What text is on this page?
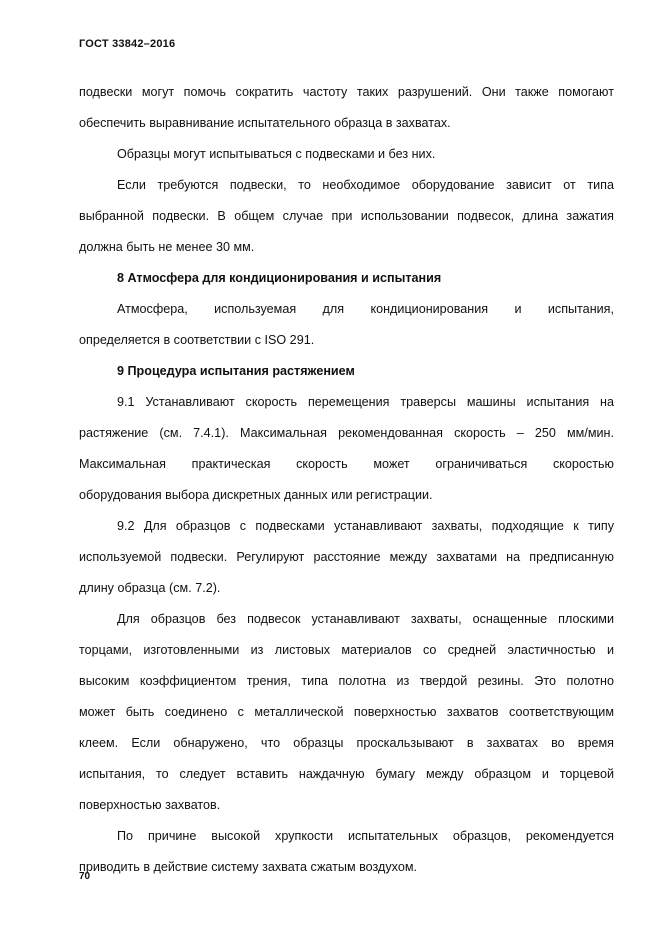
ГОСТ 33842–2016
подвески могут помочь сократить частоту таких разрушений. Они также помогают
обеспечить выравнивание испытательного образца в захватах.
Образцы могут испытываться с подвесками и без них.
Если требуются подвески, то необходимое оборудование зависит от типа
выбранной подвески. В общем случае при использовании подвесок, длина зажатия
должна быть не менее 30 мм.
8 Атмосфера для кондиционирования и испытания
Атмосфера, используемая для кондиционирования и испытания,
определяется в соответствии с ISO 291.
9 Процедура испытания растяжением
9.1 Устанавливают скорость перемещения траверсы машины испытания на
растяжение (см. 7.4.1). Максимальная рекомендованная скорость – 250 мм/мин.
Максимальная практическая скорость может ограничиваться скоростью
оборудования выбора дискретных данных или регистрации.
9.2 Для образцов с подвесками устанавливают захваты, подходящие к типу
используемой подвески. Регулируют расстояние между захватами на предписанную
длину образца (см. 7.2).
Для образцов без подвесок устанавливают захваты, оснащенные плоскими
торцами, изготовленными из листовых материалов со средней эластичностью и
высоким коэффициентом трения, типа полотна из твердой резины. Это полотно
может быть соединено с металлической поверхностью захватов соответствующим
клеем. Если обнаружено, что образцы проскальзывают в захватах во время
испытания, то следует вставить наждачную бумагу между образцом и торцевой
поверхностью захватов.
По причине высокой хрупкости испытательных образцов, рекомендуется
приводить в действие систему захвата сжатым воздухом.
70
